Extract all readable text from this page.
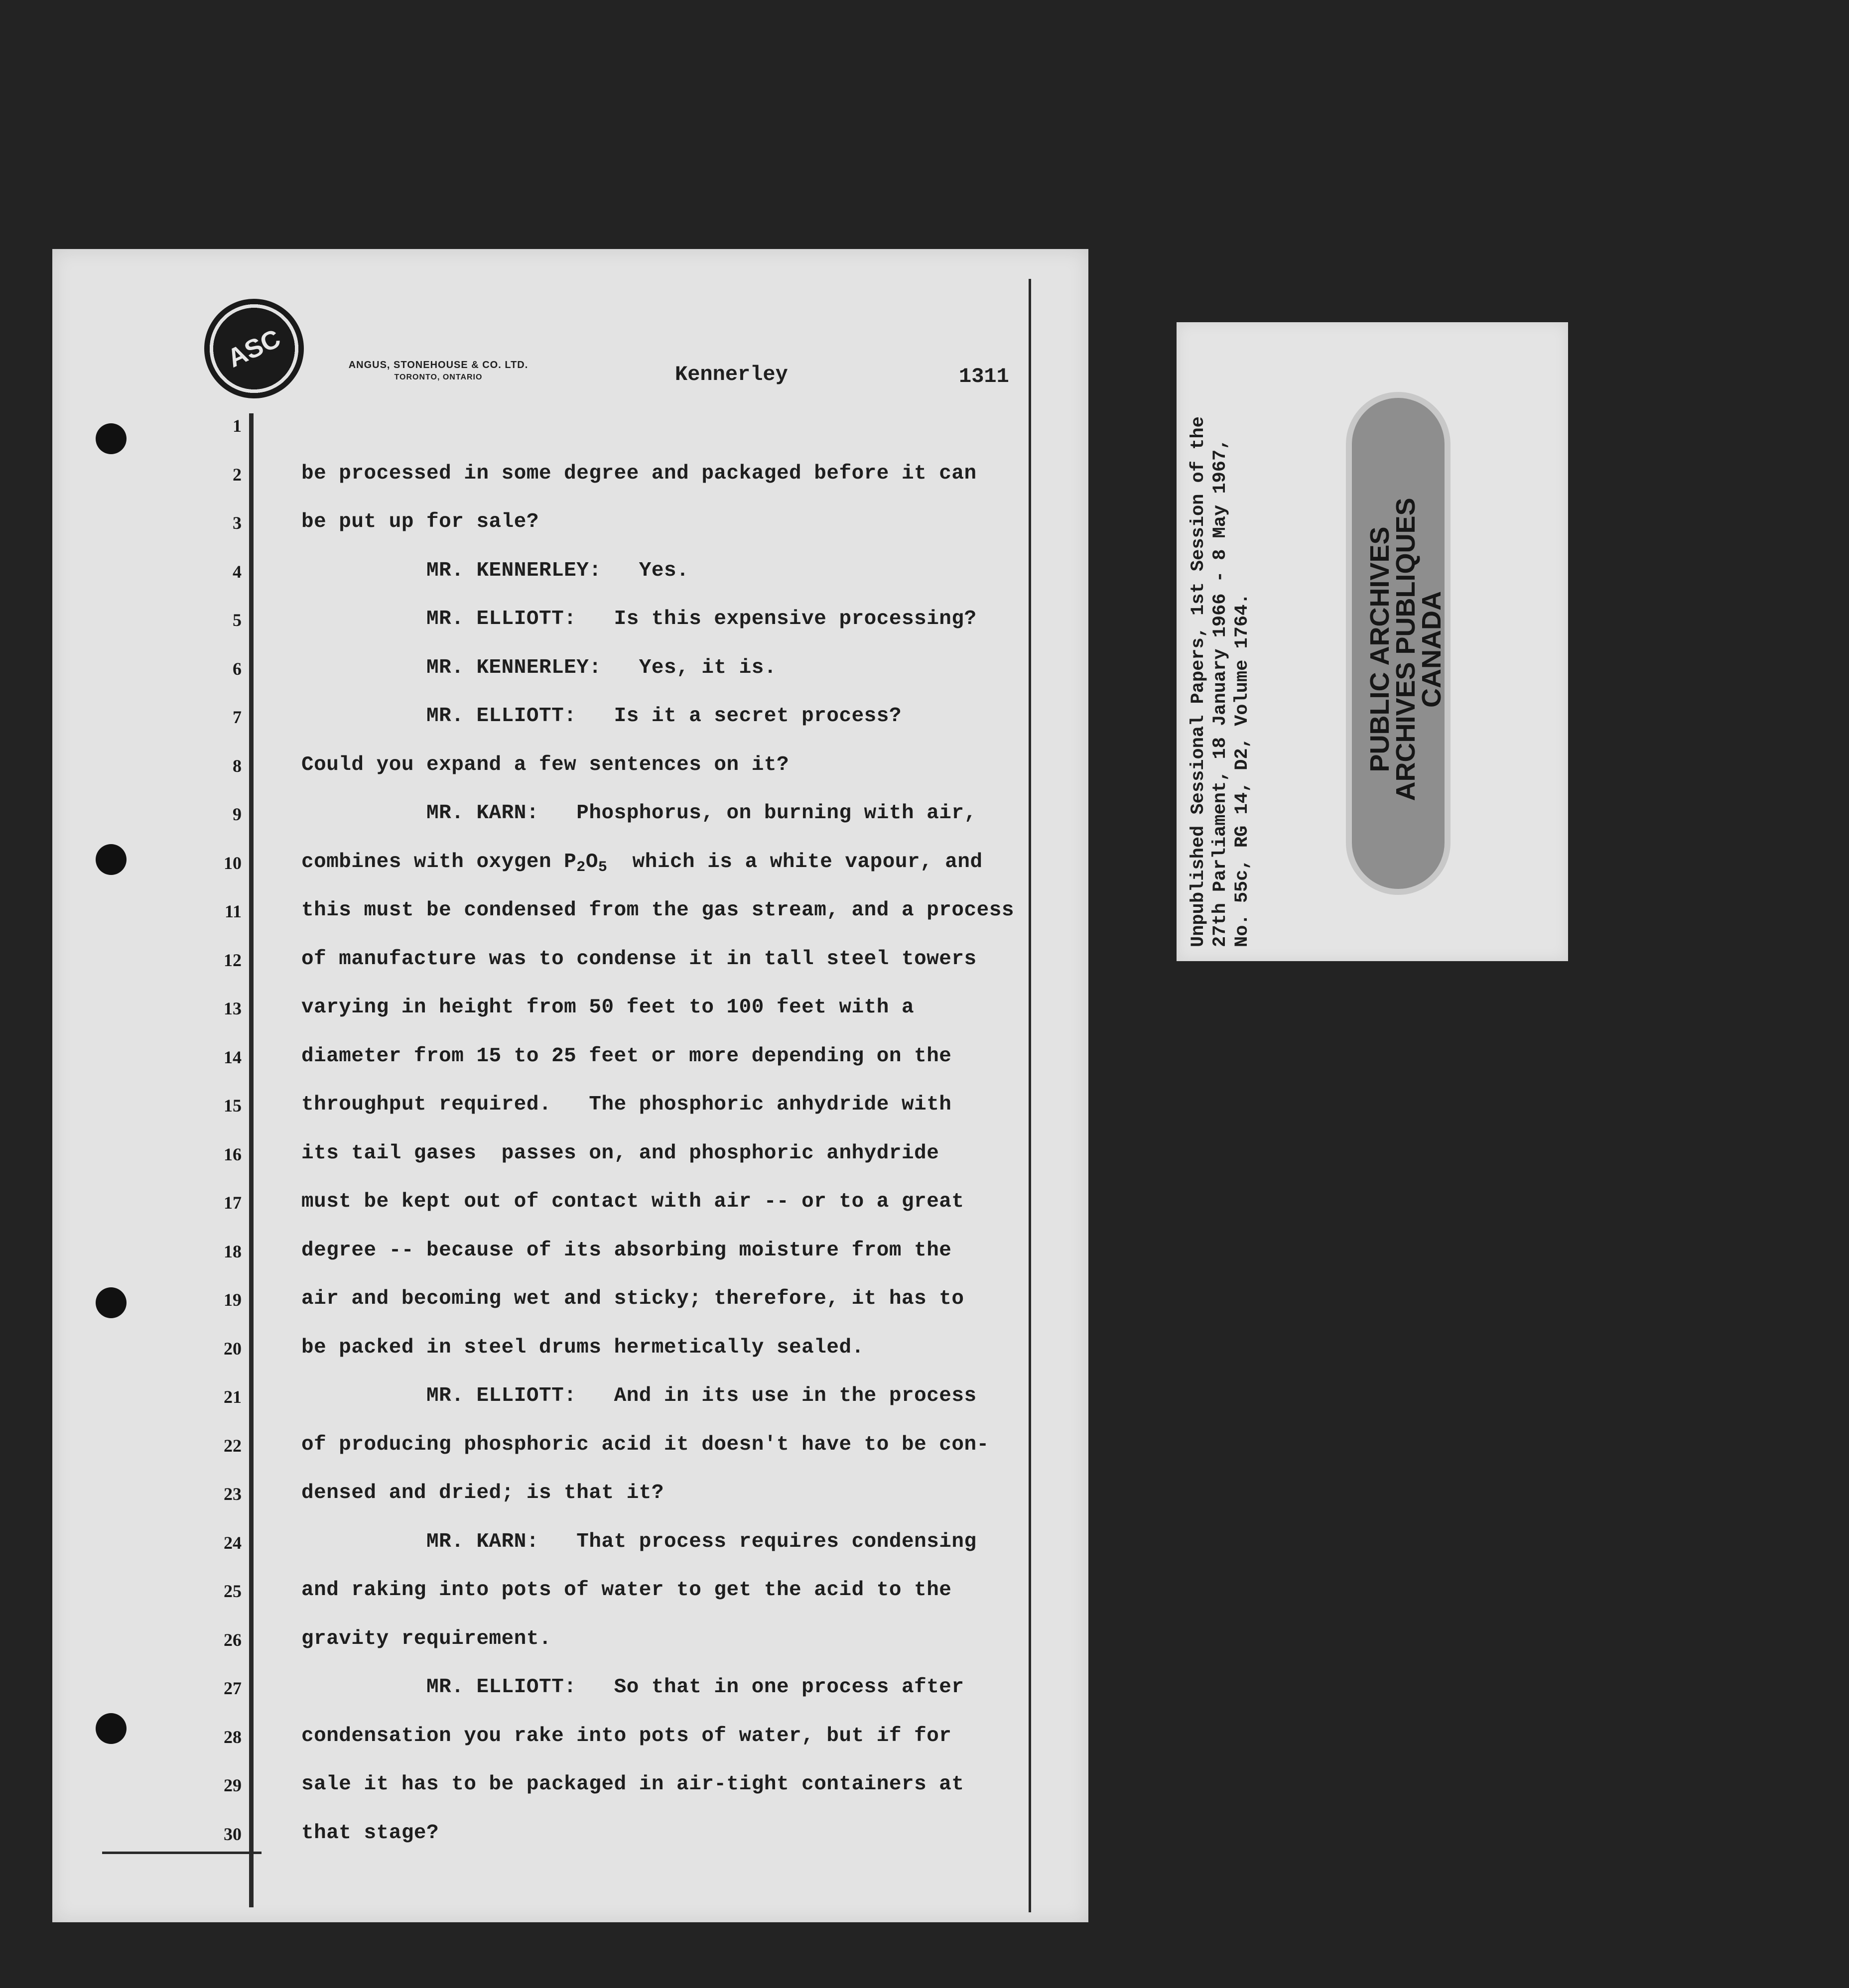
ASC	ANGUS, STONEHOUSE & CO. LTD.
TORONTO, ONTARIO	Kennerley	1311
1
2	be processed in some degree and packaged before it can
3	be put up for sale?
4	MR. KENNERLEY:   Yes.
5	MR. ELLIOTT:   Is this expensive processing?
6	MR. KENNERLEY:   Yes, it is.
7	MR. ELLIOTT:   Is it a secret process?
8	Could you expand a few sentences on it?
9	MR. KARN:   Phosphorus, on burning with air,
10	combines with oxygen $P_2O_5$  which is a white vapour, and
11	this must be condensed from the gas stream, and a process
12	of manufacture was to condense it in tall steel towers
13	varying in height from 50 feet to 100 feet with a
14	diameter from 15 to 25 feet or more depending on the
15	throughput required.   The phosphoric anhydride with
16	its tail gases  passes on, and phosphoric anhydride
17	must be kept out of contact with air -- or to a great
18	degree -- because of its absorbing moisture from the
19	air and becoming wet and sticky; therefore, it has to
20	be packed in steel drums hermetically sealed.
21	MR. ELLIOTT:   And in its use in the process
22	of producing phosphoric acid it doesn't have to be con-
23	densed and dried; is that it?
24	MR. KARN:   That process requires condensing
25	and raking into pots of water to get the acid to the
26	gravity requirement.
27	MR. ELLIOTT:   So that in one process after
28	condensation you rake into pots of water, but if for
29	sale it has to be packaged in air-tight containers at
30	that stage?
Unpublished Sessional Papers, 1st Session of the 27th Parliament, 18 January 1966 - 8 May 1967, No. 55c, RG 14, D2, Volume 1764.	PUBLIC ARCHIVES
ARCHIVES PUBLIQUES
CANADA
